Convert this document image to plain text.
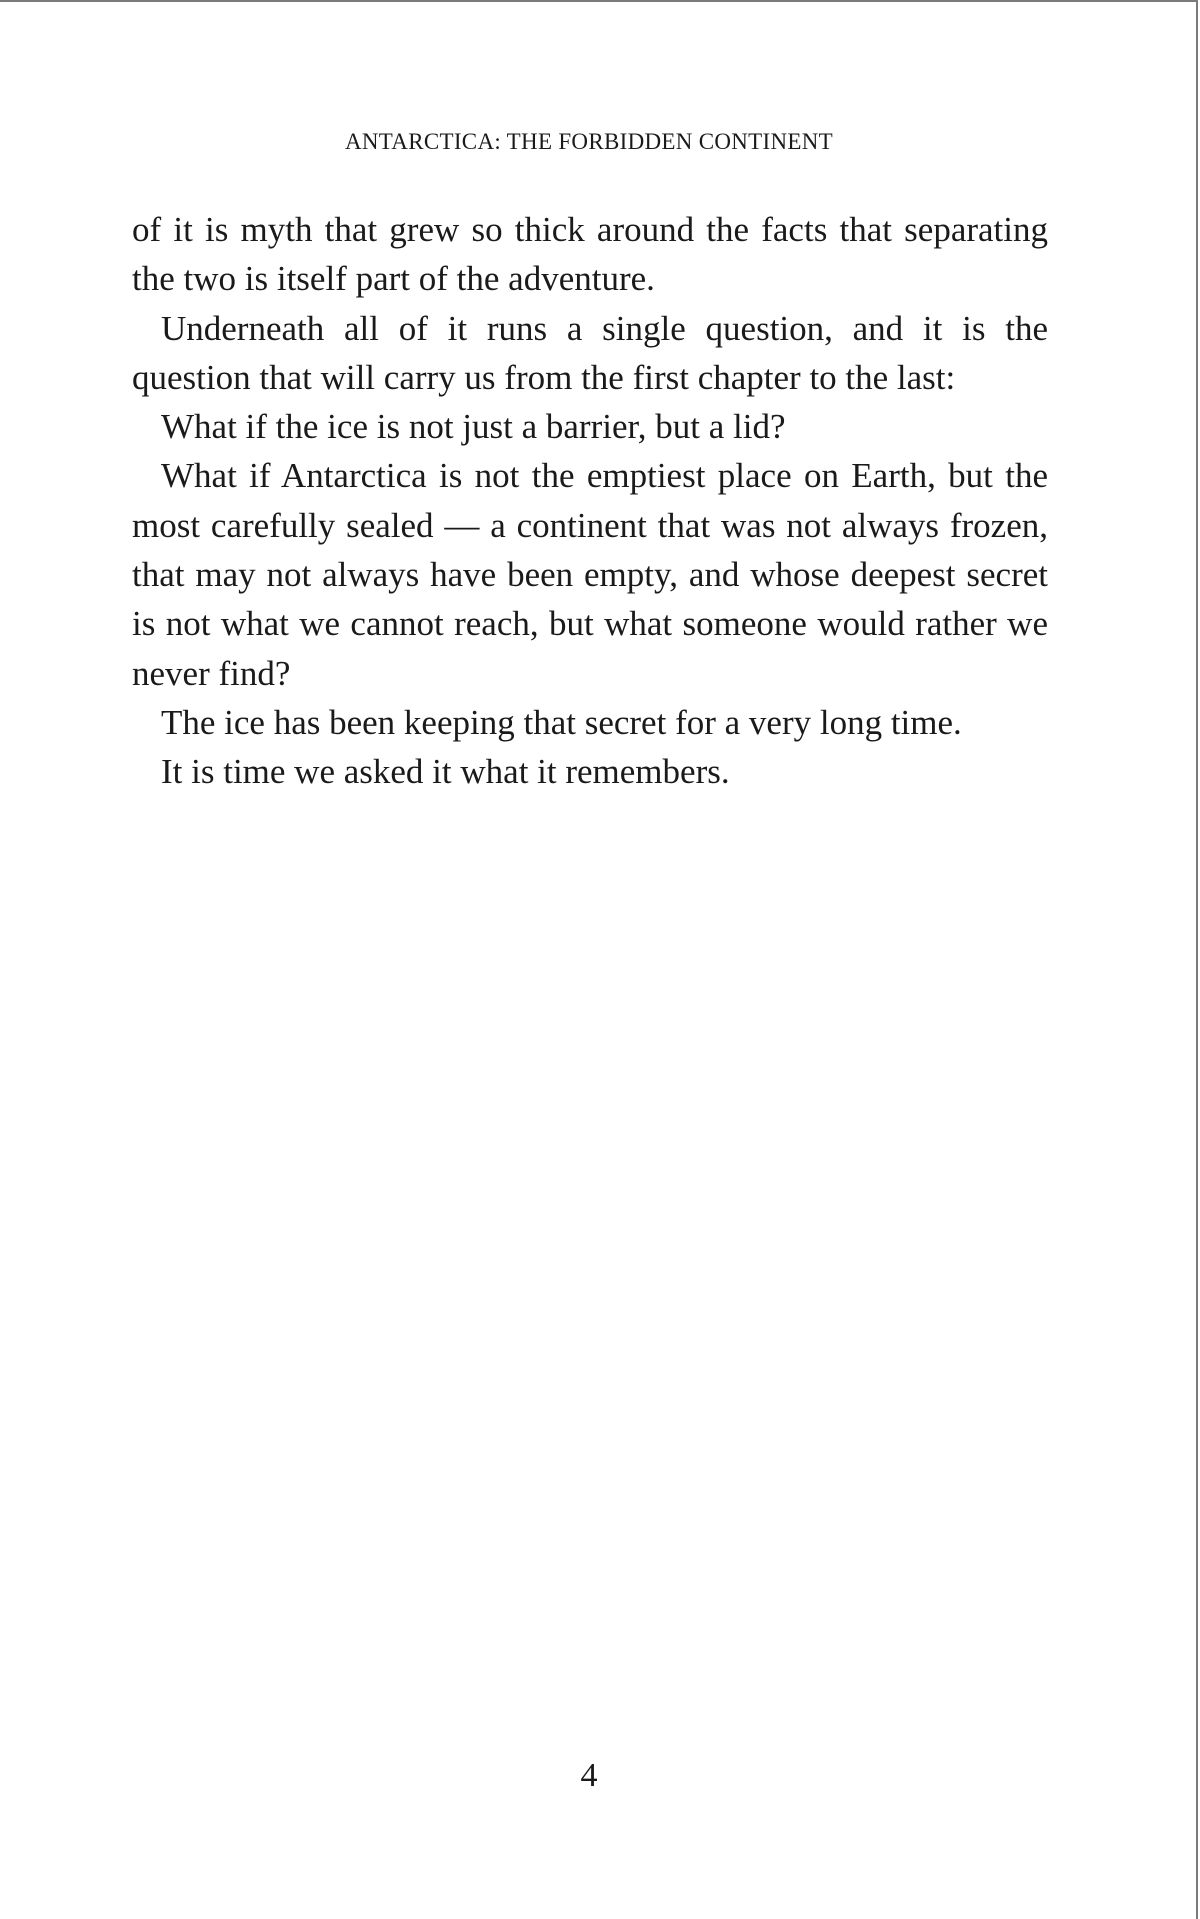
ANTARCTICA: THE FORBIDDEN CONTINENT

of it is myth that grew so thick around the facts that separating the two is itself part of the adventure.

Underneath all of it runs a single question, and it is the question that will carry us from the first chapter to the last:

What if the ice is not just a barrier, but a lid?

What if Antarctica is not the emptiest place on Earth, but the most carefully sealed — a continent that was not always frozen, that may not always have been empty, and whose deepest secret is not what we cannot reach, but what someone would rather we never find?

The ice has been keeping that secret for a very long time.

It is time we asked it what it remembers.

4
